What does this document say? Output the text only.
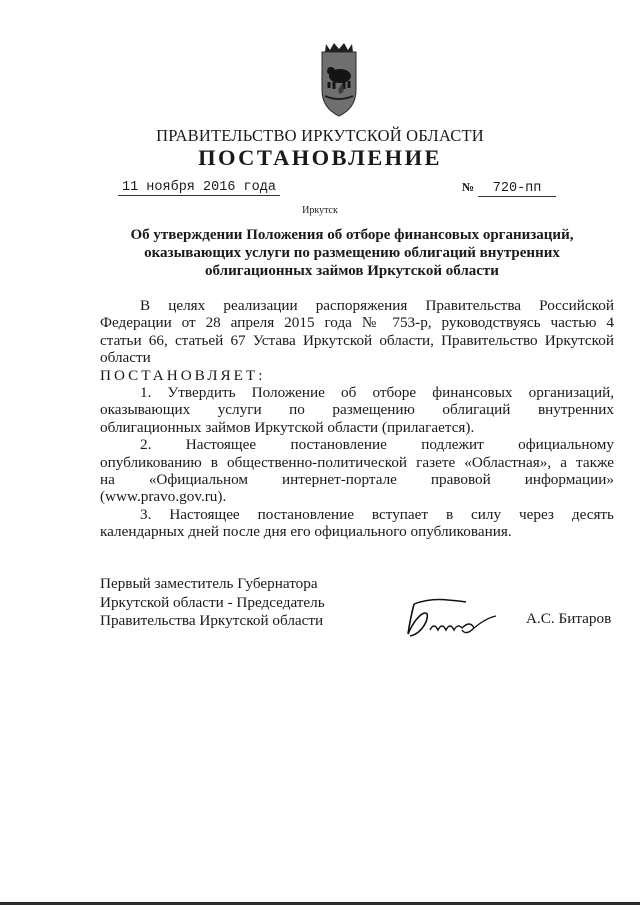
ПРАВИТЕЛЬСТВО ИРКУТСКОЙ ОБЛАСТИ
ПОСТАНОВЛЕНИЕ
11 ноября 2016 года	№ 720-пп
Иркутск
Об утверждении Положения об отборе финансовых организаций,
оказывающих услуги по размещению облигаций внутренних
облигационных займов Иркутской области
В целях реализации распоряжения Правительства Российской
Федерации от 28 апреля 2015 года № 753-р, руководствуясь частью 4
статьи 66, статьей 67 Устава Иркутской области, Правительство Иркутской
области
ПОСТАНОВЛЯЕТ:
1. Утвердить Положение об отборе финансовых организаций,
оказывающих услуги по размещению облигаций внутренних
облигационных займов Иркутской области (прилагается).
2. Настоящее постановление подлежит официальному
опубликованию в общественно-политической газете «Областная», а также
на «Официальном интернет-портале правовой информации»
(www.pravo.gov.ru).
3. Настоящее постановление вступает в силу через десять
календарных дней после дня его официального опубликования.
Первый заместитель Губернатора
Иркутской области - Председатель
Правительства Иркутской области	А.С. Битаров
